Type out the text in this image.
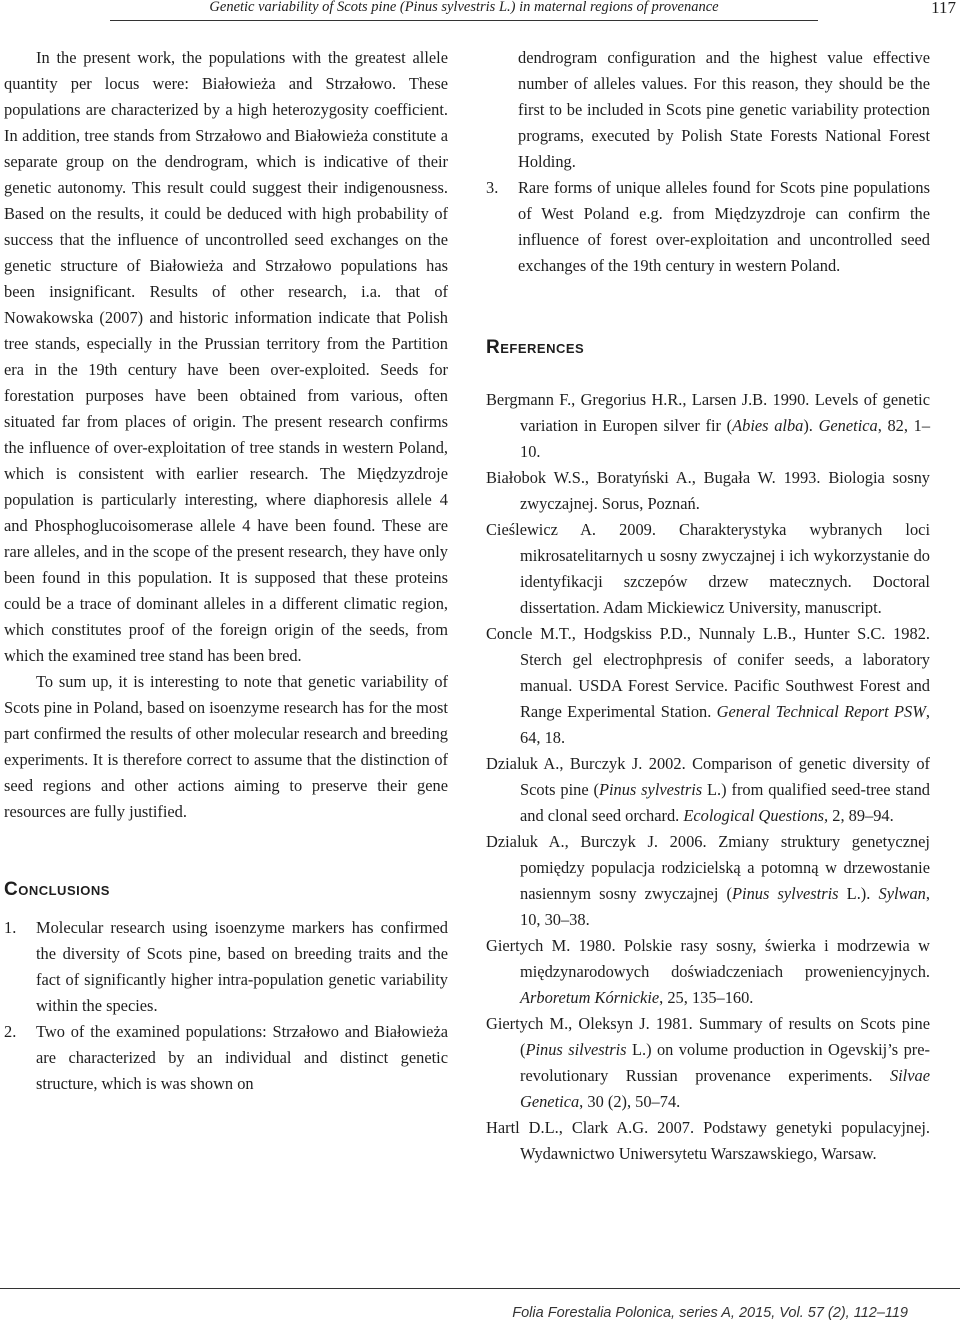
Genetic variability of Scots pine (Pinus sylvestris L.) in maternal regions of provenance	117

In the present work, the populations with the greatest allele quantity per locus were: Białowieża and Strzałowo. These populations are characterized by a high heterozygosity coefficient. In addition, tree stands from Strzałowo and Białowieża constitute a separate group on the dendrogram, which is indicative of their genetic autonomy. This result could suggest their indigenousness. Based on the results, it could be deduced with high probability of success that the influence of uncontrolled seed exchanges on the genetic structure of Białowieża and Strzałowo populations has been insignificant. Results of other research, i.a. that of Nowakowska (2007) and historic information indicate that Polish tree stands, especially in the Prussian territory from the Partition era in the 19th century have been over-exploited. Seeds for forestation purposes have been obtained from various, often situated far from places of origin. The present research confirms the influence of over-exploitation of tree stands in western Poland, which is consistent with earlier research. The Międzyzdroje population is particularly interesting, where diaphoresis allele 4 and Phosphoglucoisomerase allele 4 have been found. These are rare alleles, and in the scope of the present research, they have only been found in this population. It is supposed that these proteins could be a trace of dominant alleles in a different climatic region, which constitutes proof of the foreign origin of the seeds, from which the examined tree stand has been bred.

To sum up, it is interesting to note that genetic variability of Scots pine in Poland, based on isoenzyme research has for the most part confirmed the results of other molecular research and breeding experiments. It is therefore correct to assume that the distinction of seed regions and other actions aiming to preserve their gene resources are fully justified.

Conclusions
1. Molecular research using isoenzyme markers has confirmed the diversity of Scots pine, based on breeding traits and the fact of significantly higher intra-population genetic variability within the species.
2. Two of the examined populations: Strzałowo and Białowieża are characterized by an individual and distinct genetic structure, which is was shown on
dendrogram configuration and the highest value effective number of alleles values. For this reason, they should be the first to be included in Scots pine genetic variability protection programs, executed by Polish State Forests National Forest Holding.
3. Rare forms of unique alleles found for Scots pine populations of West Poland e.g. from Międzyzdroje can confirm the influence of forest over-exploitation and uncontrolled seed exchanges of the 19th century in western Poland.
References
Bergmann F., Gregorius H.R., Larsen J.B. 1990. Levels of genetic variation in Europen silver fir (Abies alba). Genetica, 82, 1–10.
Białobok W.S., Boratyński A., Bugała W. 1993. Biologia sosny zwyczajnej. Sorus, Poznań.
Cieślewicz A. 2009. Charakterystyka wybranych loci mikrosatelitarnych u sosny zwyczajnej i ich wykorzystanie do identyfikacji szczepów drzew matecznych. Doctoral dissertation. Adam Mickiewicz University, manuscript.
Concle M.T., Hodgskiss P.D., Nunnaly L.B., Hunter S.C. 1982. Sterch gel electrophpresis of conifer seeds, a laboratory manual. USDA Forest Service. Pacific Southwest Forest and Range Experimental Station. General Technical Report PSW, 64, 18.
Dzialuk A., Burczyk J. 2002. Comparison of genetic diversity of Scots pine (Pinus sylvestris L.) from qualified seed-tree stand and clonal seed orchard. Ecological Questions, 2, 89–94.
Dzialuk A., Burczyk J. 2006. Zmiany struktury genetycznej pomiędzy populacja rodzicielską a potomną w drzewostanie nasiennym sosny zwyczajnej (Pinus sylvestris L.). Sylwan, 10, 30–38.
Giertych M. 1980. Polskie rasy sosny, świerka i modrzewia w międzynarodowych doświadczeniach proweniencyjnych. Arboretum Kórnickie, 25, 135–160.
Giertych M., Oleksyn J. 1981. Summary of results on Scots pine (Pinus silvestris L.) on volume production in Ogevskij’s pre-revolutionary Russian provenance experiments. Silvae Genetica, 30 (2), 50–74.
Hartl D.L., Clark A.G. 2007. Podstawy genetyki populacyjnej. Wydawnictwo Uniwersytetu Warszawskiego, Warsaw.
Folia Forestalia Polonica, series A, 2015, Vol. 57 (2), 112–119
